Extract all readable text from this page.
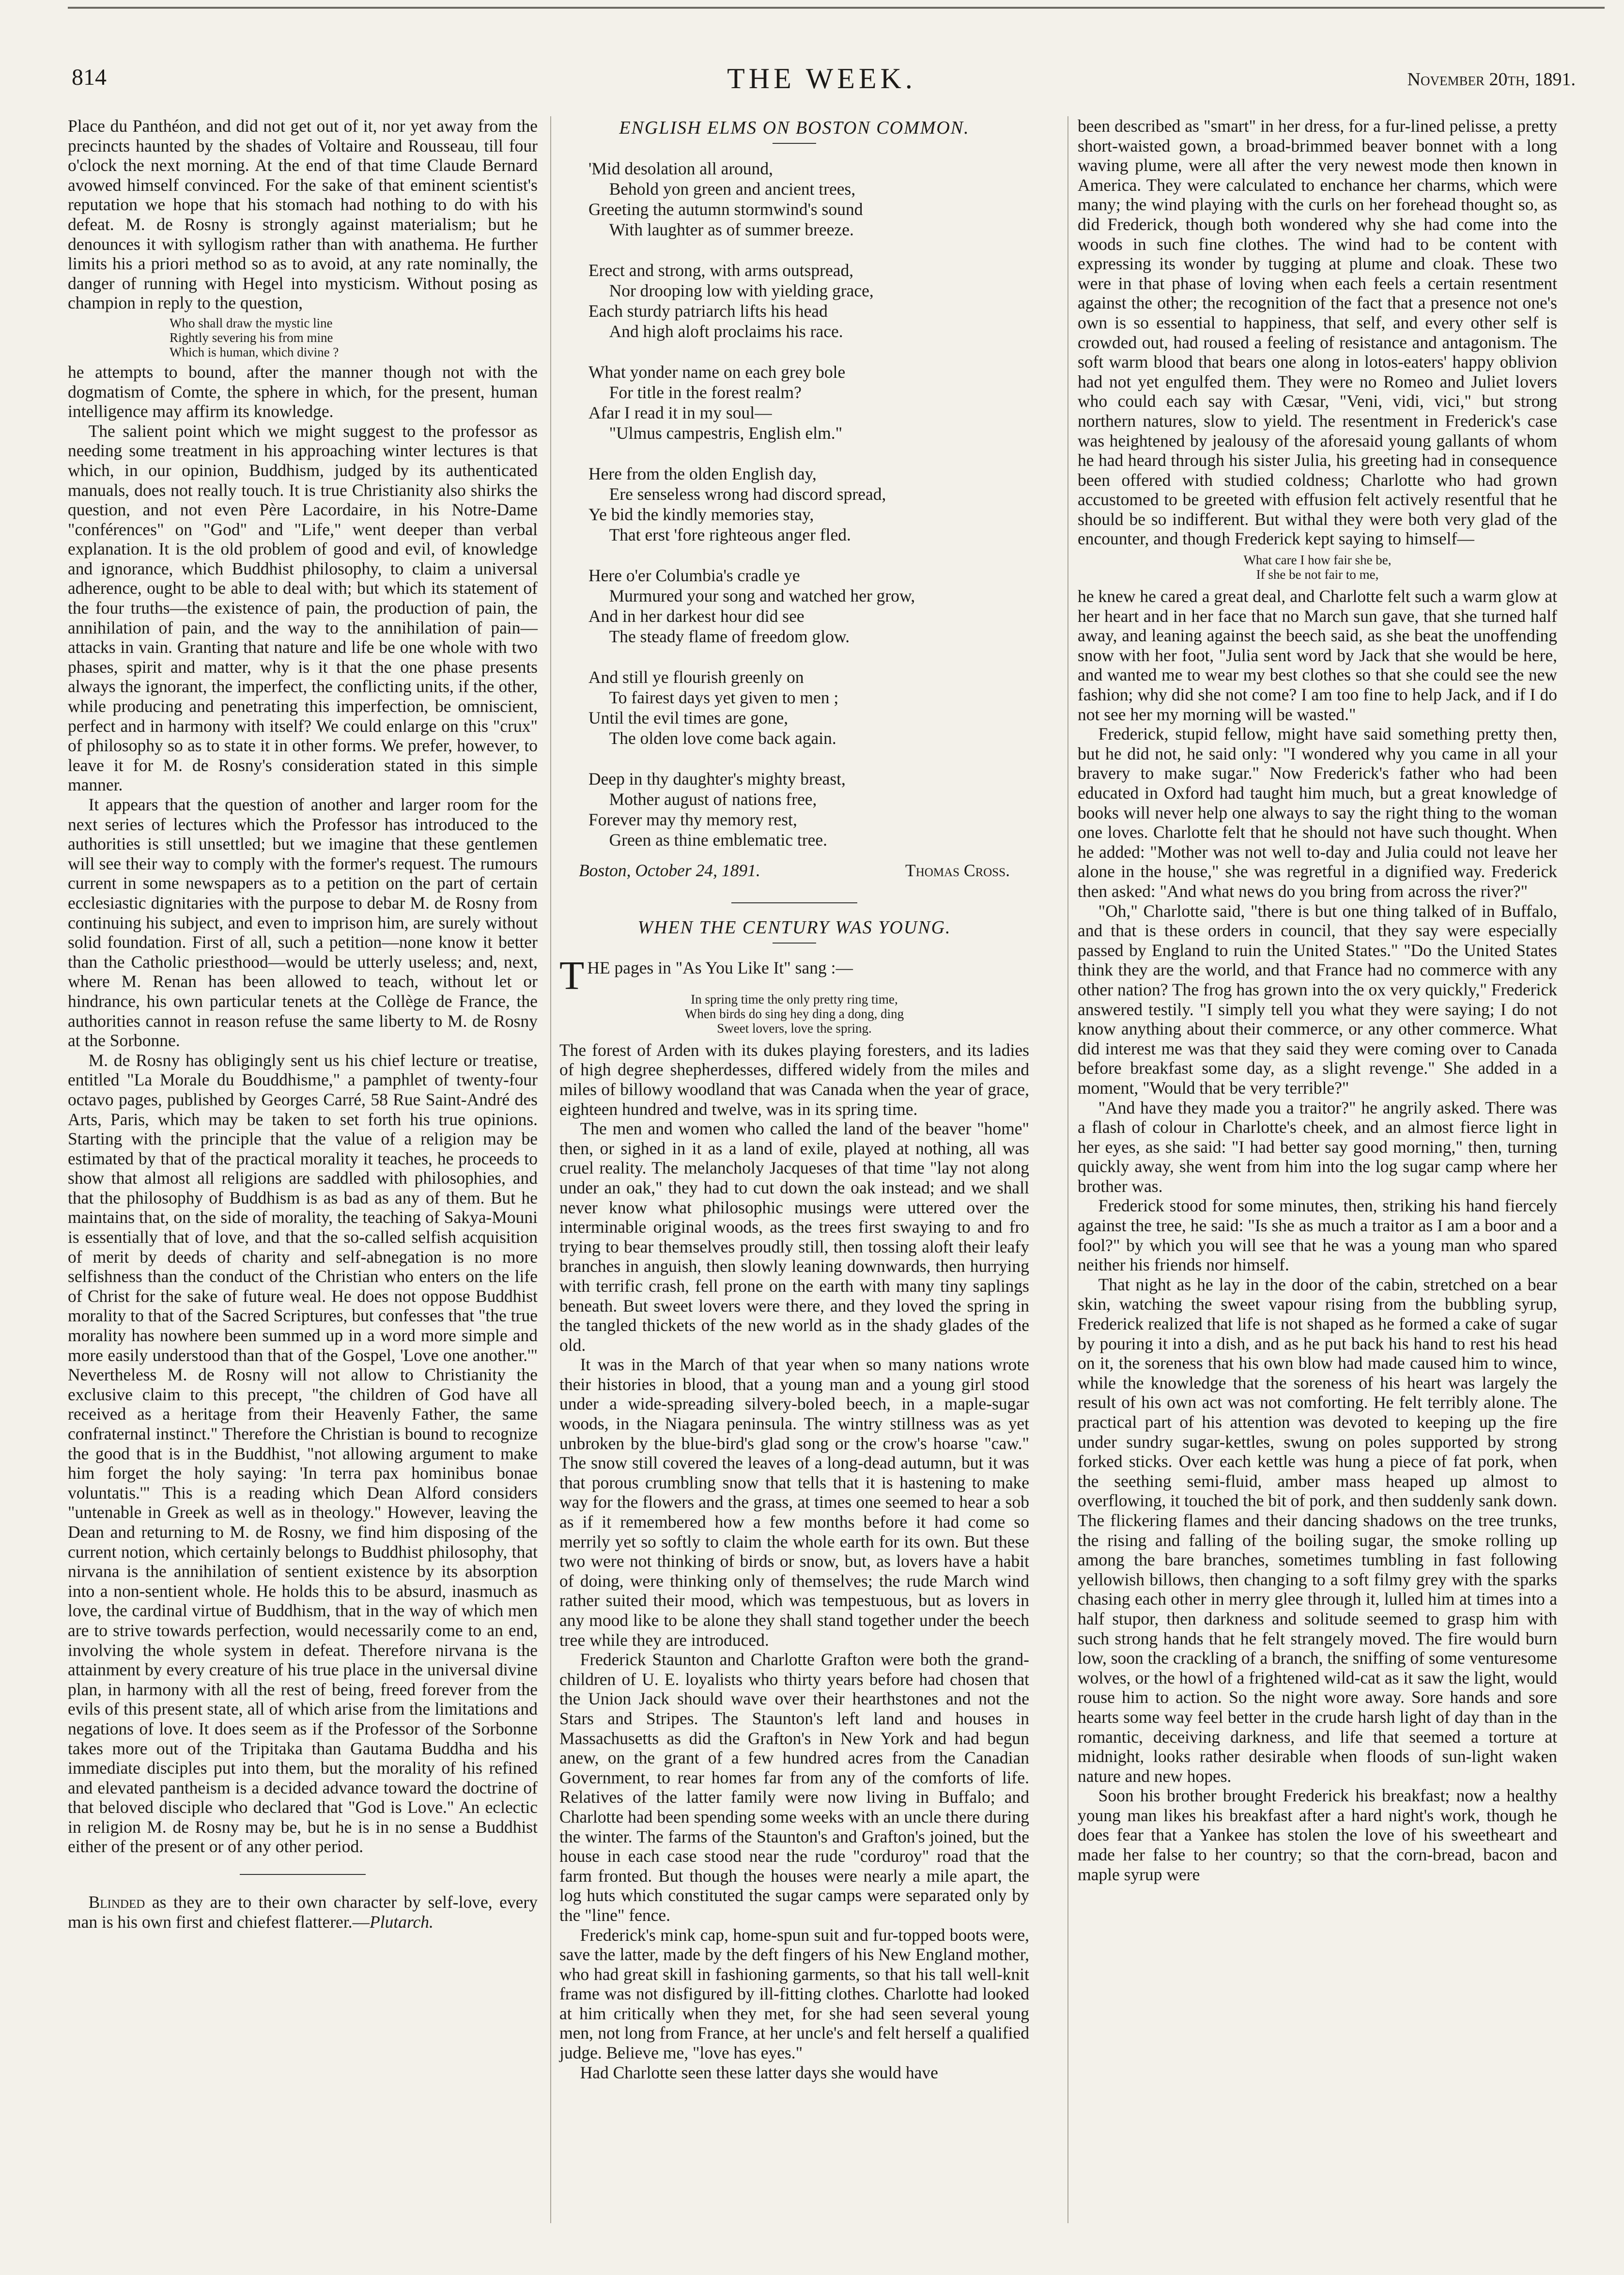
814	THE WEEK.	November 20th, 1891.

Place du Panthéon, and did not get out of it, nor yet away from the precincts haunted by the shades of Voltaire and Rousseau, till four o'clock the next morning. At the end of that time Claude Bernard avowed himself convinced. For the sake of that eminent scientist's reputation we hope that his stomach had nothing to do with his defeat. M. de Rosny is strongly against materialism; but he denounces it with syllogism rather than with anathema. He further limits his a priori method so as to avoid, at any rate nominally, the danger of running with Hegel into mysticism. Without posing as champion in reply to the question,

Who shall draw the mystic line
Rightly severing his from mine
Which is human, which divine ?

he attempts to bound, after the manner though not with the dogmatism of Comte, the sphere in which, for the present, human intelligence may affirm its knowledge.

The salient point which we might suggest to the professor as needing some treatment in his approaching winter lectures is that which, in our opinion, Buddhism, judged by its authenticated manuals, does not really touch. It is true Christianity also shirks the question, and not even Père Lacordaire, in his Notre-Dame "conférences" on "God" and "Life," went deeper than verbal explanation. It is the old problem of good and evil, of knowledge and ignorance, which Buddhist philosophy, to claim a universal adherence, ought to be able to deal with; but which its statement of the four truths—the existence of pain, the production of pain, the annihilation of pain, and the way to the annihilation of pain—attacks in vain. Granting that nature and life be one whole with two phases, spirit and matter, why is it that the one phase presents always the ignorant, the imperfect, the conflicting units, if the other, while producing and penetrating this imperfection, be omniscient, perfect and in harmony with itself? We could enlarge on this "crux" of philosophy so as to state it in other forms. We prefer, however, to leave it for M. de Rosny's consideration stated in this simple manner.

It appears that the question of another and larger room for the next series of lectures which the Professor has introduced to the authorities is still unsettled; but we imagine that these gentlemen will see their way to comply with the former's request. The rumours current in some newspapers as to a petition on the part of certain ecclesiastic dignitaries with the purpose to debar M. de Rosny from continuing his subject, and even to imprison him, are surely without solid foundation. First of all, such a petition—none know it better than the Catholic priesthood—would be utterly useless; and, next, where M. Renan has been allowed to teach, without let or hindrance, his own particular tenets at the Collège de France, the authorities cannot in reason refuse the same liberty to M. de Rosny at the Sorbonne.

M. de Rosny has obligingly sent us his chief lecture or treatise, entitled "La Morale du Bouddhisme," a pamphlet of twenty-four octavo pages, published by Georges Carré, 58 Rue Saint-André des Arts, Paris, which may be taken to set forth his true opinions. Starting with the principle that the value of a religion may be estimated by that of the practical morality it teaches, he proceeds to show that almost all religions are saddled with philosophies, and that the philosophy of Buddhism is as bad as any of them. But he maintains that, on the side of morality, the teaching of Sakya-Mouni is essentially that of love, and that the so-called selfish acquisition of merit by deeds of charity and self-abnegation is no more selfishness than the conduct of the Christian who enters on the life of Christ for the sake of future weal. He does not oppose Buddhist morality to that of the Sacred Scriptures, but confesses that "the true morality has nowhere been summed up in a word more simple and more easily understood than that of the Gospel, 'Love one another.'" Nevertheless M. de Rosny will not allow to Christianity the exclusive claim to this precept, "the children of God have all received as a heritage from their Heavenly Father, the same confraternal instinct." Therefore the Christian is bound to recognize the good that is in the Buddhist, "not allowing argument to make him forget the holy saying: 'In terra pax hominibus bonae voluntatis.'" This is a reading which Dean Alford considers "untenable in Greek as well as in theology." However, leaving the Dean and returning to M. de Rosny, we find him disposing of the current notion, which certainly belongs to Buddhist philosophy, that nirvana is the annihilation of sentient existence by its absorption into a non-sentient whole. He holds this to be absurd, inasmuch as love, the cardinal virtue of Buddhism, that in the way of which men are to strive towards perfection, would necessarily come to an end, involving the whole system in defeat. Therefore nirvana is the attainment by every creature of his true place in the universal divine plan, in harmony with all the rest of being, freed forever from the evils of this present state, all of which arise from the limitations and negations of love. It does seem as if the Professor of the Sorbonne takes more out of the Tripitaka than Gautama Buddha and his immediate disciples put into them, but the morality of his refined and elevated pantheism is a decided advance toward the doctrine of that beloved disciple who declared that "God is Love." An eclectic in religion M. de Rosny may be, but he is in no sense a Buddhist either of the present or of any other period.

Blinded as they are to their own character by self-love, every man is his own first and chiefest flatterer.—Plutarch.

ENGLISH ELMS ON BOSTON COMMON.
'Mid desolation all around,
Behold yon green and ancient trees,
Greeting the autumn stormwind's sound
With laughter as of summer breeze.
Erect and strong, with arms outspread,
Nor drooping low with yielding grace,
Each sturdy patriarch lifts his head
And high aloft proclaims his race.
What yonder name on each grey bole
For title in the forest realm?
Afar I read it in my soul—
"Ulmus campestris, English elm."
Here from the olden English day,
Ere senseless wrong had discord spread,
Ye bid the kindly memories stay,
That erst 'fore righteous anger fled.
Here o'er Columbia's cradle ye
Murmured your song and watched her grow,
And in her darkest hour did see
The steady flame of freedom glow.
And still ye flourish greenly on
To fairest days yet given to men ;
Until the evil times are gone,
The olden love come back again.
Deep in thy daughter's mighty breast,
Mother august of nations free,
Forever may thy memory rest,
Green as thine emblematic tree.
Boston, October 24, 1891.	Thomas Cross.
WHEN THE CENTURY WAS YOUNG.

THE pages in "As You Like It" sang :—

In spring time the only pretty ring time,
When birds do sing hey ding a dong, ding
Sweet lovers, love the spring.

The forest of Arden with its dukes playing foresters, and its ladies of high degree shepherdesses, differed widely from the miles and miles of billowy woodland that was Canada when the year of grace, eighteen hundred and twelve, was in its spring time.

The men and women who called the land of the beaver "home" then, or sighed in it as a land of exile, played at nothing, all was cruel reality. The melancholy Jacqueses of that time "lay not along under an oak," they had to cut down the oak instead; and we shall never know what philosophic musings were uttered over the interminable original woods, as the trees first swaying to and fro trying to bear themselves proudly still, then tossing aloft their leafy branches in anguish, then slowly leaning downwards, then hurrying with terrific crash, fell prone on the earth with many tiny saplings beneath. But sweet lovers were there, and they loved the spring in the tangled thickets of the new world as in the shady glades of the old.

It was in the March of that year when so many nations wrote their histories in blood, that a young man and a young girl stood under a wide-spreading silvery-boled beech, in a maple-sugar woods, in the Niagara peninsula. The wintry stillness was as yet unbroken by the blue-bird's glad song or the crow's hoarse "caw." The snow still covered the leaves of a long-dead autumn, but it was that porous crumbling snow that tells that it is hastening to make way for the flowers and the grass, at times one seemed to hear a sob as if it remembered how a few months before it had come so merrily yet so softly to claim the whole earth for its own. But these two were not thinking of birds or snow, but, as lovers have a habit of doing, were thinking only of themselves; the rude March wind rather suited their mood, which was tempestuous, but as lovers in any mood like to be alone they shall stand together under the beech tree while they are introduced.

Frederick Staunton and Charlotte Grafton were both the grand-children of U. E. loyalists who thirty years before had chosen that the Union Jack should wave over their hearthstones and not the Stars and Stripes. The Staunton's left land and houses in Massachusetts as did the Grafton's in New York and had begun anew, on the grant of a few hundred acres from the Canadian Government, to rear homes far from any of the comforts of life. Relatives of the latter family were now living in Buffalo; and Charlotte had been spending some weeks with an uncle there during the winter. The farms of the Staunton's and Grafton's joined, but the house in each case stood near the rude "corduroy" road that the farm fronted. But though the houses were nearly a mile apart, the log huts which constituted the sugar camps were separated only by the "line" fence.

Frederick's mink cap, home-spun suit and fur-topped boots were, save the latter, made by the deft fingers of his New England mother, who had great skill in fashioning garments, so that his tall well-knit frame was not disfigured by ill-fitting clothes. Charlotte had looked at him critically when they met, for she had seen several young men, not long from France, at her uncle's and felt herself a qualified judge. Believe me, "love has eyes."

Had Charlotte seen these latter days she would have

been described as "smart" in her dress, for a fur-lined pelisse, a pretty short-waisted gown, a broad-brimmed beaver bonnet with a long waving plume, were all after the very newest mode then known in America. They were calculated to enchance her charms, which were many; the wind playing with the curls on her forehead thought so, as did Frederick, though both wondered why she had come into the woods in such fine clothes. The wind had to be content with expressing its wonder by tugging at plume and cloak. These two were in that phase of loving when each feels a certain resentment against the other; the recognition of the fact that a presence not one's own is so essential to happiness, that self, and every other self is crowded out, had roused a feeling of resistance and antagonism. The soft warm blood that bears one along in lotos-eaters' happy oblivion had not yet engulfed them. They were no Romeo and Juliet lovers who could each say with Cæsar, "Veni, vidi, vici," but strong northern natures, slow to yield. The resentment in Frederick's case was heightened by jealousy of the aforesaid young gallants of whom he had heard through his sister Julia, his greeting had in consequence been offered with studied coldness; Charlotte who had grown accustomed to be greeted with effusion felt actively resentful that he should be so indifferent. But withal they were both very glad of the encounter, and though Frederick kept saying to himself—

What care I how fair she be,
If she be not fair to me,

he knew he cared a great deal, and Charlotte felt such a warm glow at her heart and in her face that no March sun gave, that she turned half away, and leaning against the beech said, as she beat the unoffending snow with her foot, "Julia sent word by Jack that she would be here, and wanted me to wear my best clothes so that she could see the new fashion; why did she not come? I am too fine to help Jack, and if I do not see her my morning will be wasted."

Frederick, stupid fellow, might have said something pretty then, but he did not, he said only: "I wondered why you came in all your bravery to make sugar." Now Frederick's father who had been educated in Oxford had taught him much, but a great knowledge of books will never help one always to say the right thing to the woman one loves. Charlotte felt that he should not have such thought. When he added: "Mother was not well to-day and Julia could not leave her alone in the house," she was regretful in a dignified way. Frederick then asked: "And what news do you bring from across the river?"

"Oh," Charlotte said, "there is but one thing talked of in Buffalo, and that is these orders in council, that they say were especially passed by England to ruin the United States." "Do the United States think they are the world, and that France had no commerce with any other nation? The frog has grown into the ox very quickly," Frederick answered testily. "I simply tell you what they were saying; I do not know anything about their commerce, or any other commerce. What did interest me was that they said they were coming over to Canada before breakfast some day, as a slight revenge." She added in a moment, "Would that be very terrible?"

"And have they made you a traitor?" he angrily asked. There was a flash of colour in Charlotte's cheek, and an almost fierce light in her eyes, as she said: "I had better say good morning," then, turning quickly away, she went from him into the log sugar camp where her brother was.

Frederick stood for some minutes, then, striking his hand fiercely against the tree, he said: "Is she as much a traitor as I am a boor and a fool?" by which you will see that he was a young man who spared neither his friends nor himself.

That night as he lay in the door of the cabin, stretched on a bear skin, watching the sweet vapour rising from the bubbling syrup, Frederick realized that life is not shaped as he formed a cake of sugar by pouring it into a dish, and as he put back his hand to rest his head on it, the soreness that his own blow had made caused him to wince, while the knowledge that the soreness of his heart was largely the result of his own act was not comforting. He felt terribly alone. The practical part of his attention was devoted to keeping up the fire under sundry sugar-kettles, swung on poles supported by strong forked sticks. Over each kettle was hung a piece of fat pork, when the seething semi-fluid, amber mass heaped up almost to overflowing, it touched the bit of pork, and then suddenly sank down. The flickering flames and their dancing shadows on the tree trunks, the rising and falling of the boiling sugar, the smoke rolling up among the bare branches, sometimes tumbling in fast following yellowish billows, then changing to a soft filmy grey with the sparks chasing each other in merry glee through it, lulled him at times into a half stupor, then darkness and solitude seemed to grasp him with such strong hands that he felt strangely moved. The fire would burn low, soon the crackling of a branch, the sniffing of some venturesome wolves, or the howl of a frightened wild-cat as it saw the light, would rouse him to action. So the night wore away. Sore hands and sore hearts some way feel better in the crude harsh light of day than in the romantic, deceiving darkness, and life that seemed a torture at midnight, looks rather desirable when floods of sun-light waken nature and new hopes.

Soon his brother brought Frederick his breakfast; now a healthy young man likes his breakfast after a hard night's work, though he does fear that a Yankee has stolen the love of his sweetheart and made her false to her country; so that the corn-bread, bacon and maple syrup were
